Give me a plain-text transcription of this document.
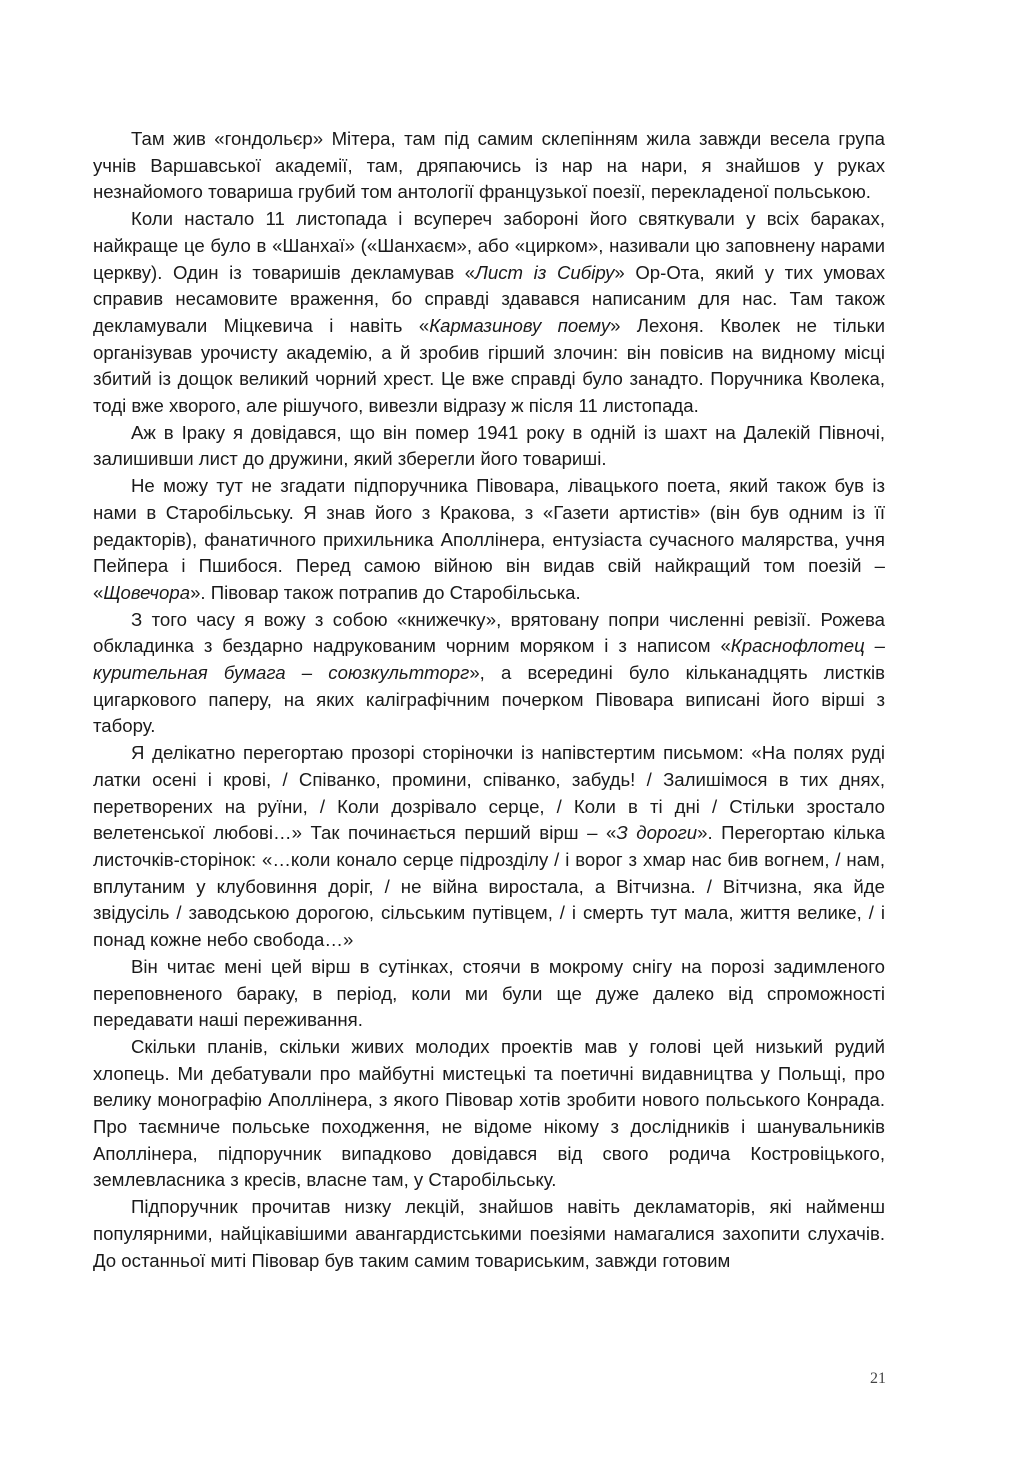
Там жив «гондольєр» Мітера, там під самим склепінням жила завжди весела група учнів Варшавської академії, там, дряпаючись із нар на нари, я знайшов у руках незнайомого товариша грубий том антології французької поезії, перекладеної польською.

Коли настало 11 листопада і всупереч забороні його святкували у всіх бараках, найкраще це було в «Шанхаї» («Шанхаєм», або «цирком», називали цю заповнену нарами церкву). Один із товаришів декламував «Лист із Сибіру» Ор-Ота, який у тих умовах справив несамовите враження, бо справді здавався написаним для нас. Там також декламували Міцкевича і навіть «Кармазинову поему» Лехоня. Кволек не тільки організував урочисту академію, а й зробив гірший злочин: він повісив на видному місці збитий із дощок великий чорний хрест. Це вже справді було занадто. Поручника Кволека, тоді вже хворого, але рішучого, вивезли відразу ж після 11 листопада.

Аж в Іраку я довідався, що він помер 1941 року в одній із шахт на Далекій Півночі, залишивши лист до дружини, який зберегли його товариші.

Не можу тут не згадати підпоручника Півовара, лівацького поета, який також був із нами в Старобільську. Я знав його з Кракова, з «Газети артистів» (він був одним із її редакторів), фанатичного прихильника Аполлінера, ентузіаста сучасного малярства, учня Пейпера і Пшибося. Перед самою війною він видав свій найкращий том поезій – «Щовечора». Півовар також потрапив до Старобільська.

З того часу я вожу з собою «книжечку», врятовану попри численні ревізії. Рожева обкладинка з бездарно надрукованим чорним моряком і з написом «Краснофлотец – курительная бумага – союзкультторг», а всередині було кільканадцять листків цигаркового паперу, на яких каліграфічним почерком Півовара виписані його вірші з табору.

Я делікатно перегортаю прозорі сторіночки із напівстертим письмом: «На полях руді латки осені і крові, / Співанко, промини, співанко, забудь! / Залишімося в тих днях, перетворених на руїни, / Коли дозрівало серце, / Коли в ті дні / Стільки зростало велетенської любові…» Так починається перший вірш – «З дороги». Перегортаю кілька листочків-сторінок: «…коли конало серце підрозділу / і ворог з хмар нас бив вогнем, / нам, вплутаним у клубовиння доріг, / не війна виростала, а Вітчизна. / Вітчизна, яка йде звідусіль / заводською дорогою, сільським путівцем, / і смерть тут мала, життя велике, / і понад кожне небо свобода…»

Він читає мені цей вірш в сутінках, стоячи в мокрому снігу на порозі задимленого переповненого бараку, в період, коли ми були ще дуже далеко від спроможності передавати наші переживання.

Скільки планів, скільки живих молодих проектів мав у голові цей низький рудий хлопець. Ми дебатували про майбутні мистецькі та поетичні видавництва у Польщі, про велику монографію Аполлінера, з якого Півовар хотів зробити нового польського Конрада. Про таємниче польське походження, не відоме нікому з дослідників і шанувальників Аполлінера, підпоручник випадково довідався від свого родича Костровіцького, землевласника з кресів, власне там, у Старобільську.

Підпоручник прочитав низку лекцій, знайшов навіть декламаторів, які найменш популярними, найцікавішими авангардистськими поезіями намагалися захопити слухачів. До останньої миті Півовар був таким самим товариським, завжди готовим

21
